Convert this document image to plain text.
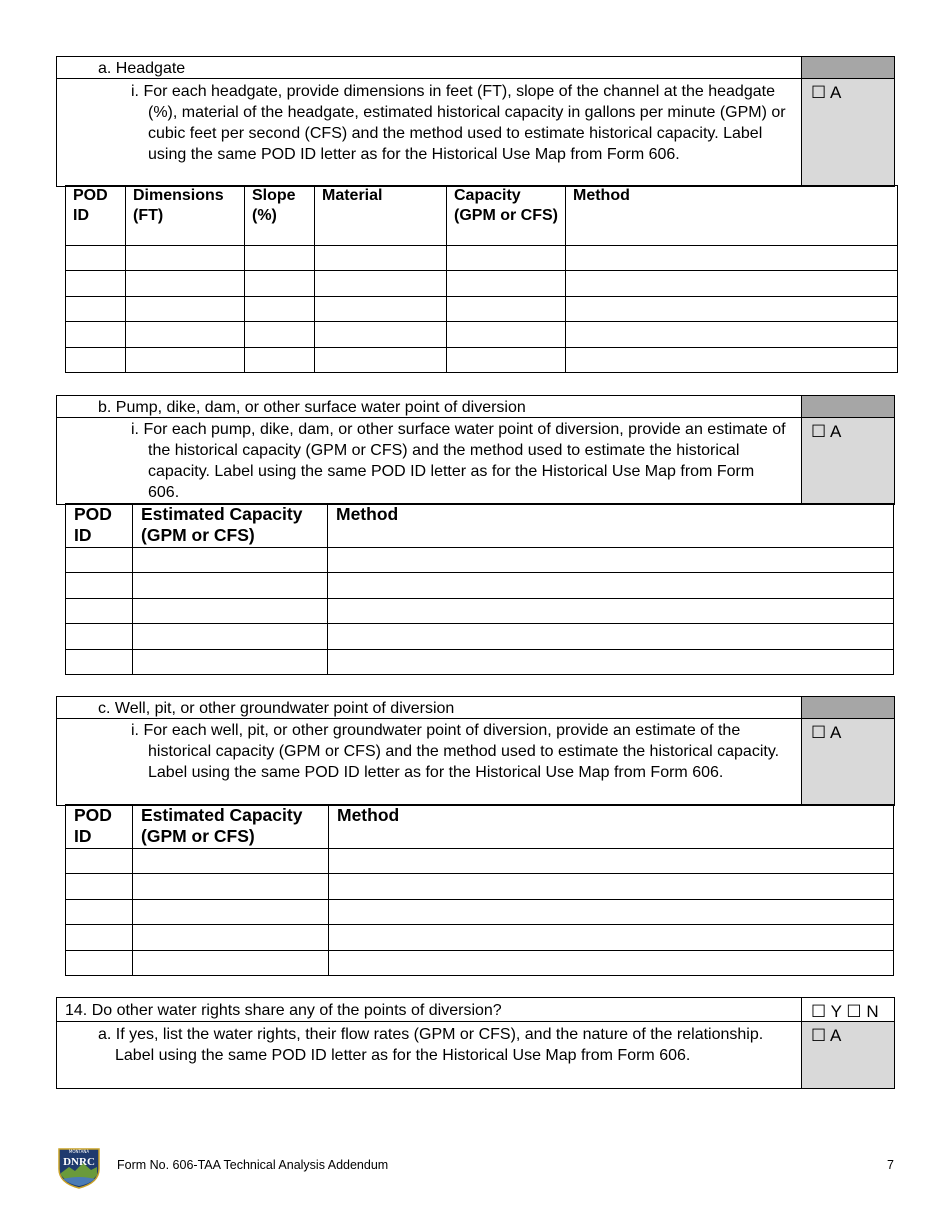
a. Headgate
i. For each headgate, provide dimensions in feet (FT), slope of the channel at the headgate (%), material of the headgate, estimated historical capacity in gallons per minute (GPM) or cubic feet per second (CFS) and the method used to estimate historical capacity. Label using the same POD ID letter as for the Historical Use Map from Form 606.
☐ A
POD ID	Dimensions (FT)	Slope (%)	Material	Capacity (GPM or CFS)	Method

b. Pump, dike, dam, or other surface water point of diversion
i. For each pump, dike, dam, or other surface water point of diversion, provide an estimate of the historical capacity (GPM or CFS) and the method used to estimate the historical capacity. Label using the same POD ID letter as for the Historical Use Map from Form 606.
☐ A
POD ID	Estimated Capacity (GPM or CFS)	Method

c. Well, pit, or other groundwater point of diversion
i. For each well, pit, or other groundwater point of diversion, provide an estimate of the historical capacity (GPM or CFS) and the method used to estimate the historical capacity. Label using the same POD ID letter as for the Historical Use Map from Form 606.
☐ A
POD ID	Estimated Capacity (GPM or CFS)	Method

14. Do other water rights share any of the points of diversion?	☐ Y ☐ N
a. If yes, list the water rights, their flow rates (GPM or CFS), and the nature of the relationship. Label using the same POD ID letter as for the Historical Use Map from Form 606.
☐ A
MONTANA
DNRC Form No. 606-TAA Technical Analysis Addendum	7
